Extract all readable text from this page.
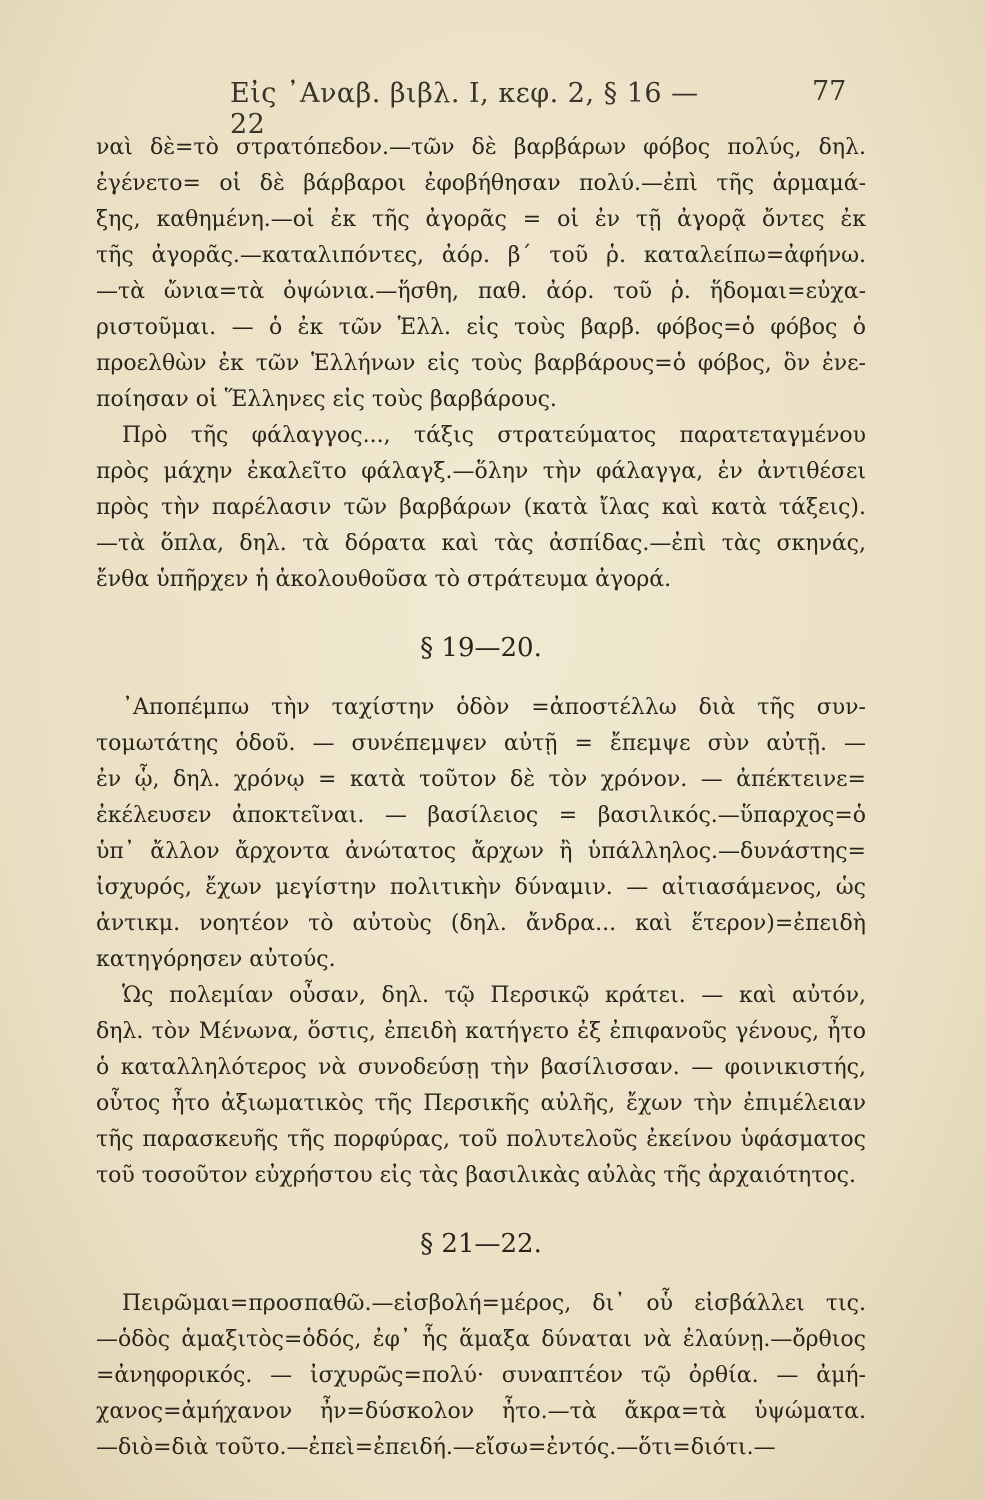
Εἰς ᾿Αναβ. βιβλ. Ι, κεφ. 2, § 16 — 22
77
ναὶ δὲ=τὸ στρατόπεδον.—τῶν δὲ βαρβάρων φόβος πολύς, δηλ.
ἐγένετο= οἱ δὲ βάρβαροι ἐφοβήθησαν πολύ.—ἐπὶ τῆς ἁρμαμά-
ξης, καθημένη.—οἱ ἐκ τῆς ἀγορᾶς = οἱ ἐν τῇ ἀγορᾷ ὄντες ἐκ
τῆς ἀγορᾶς.—καταλιπόντες, ἀόρ. β΄ τοῦ ῥ. καταλείπω=ἀφήνω.
—τὰ ὤνια=τὰ ὀψώνια.—ἥσθη, παθ. ἀόρ. τοῦ ῥ. ἥδομαι=εὐχα-
ριστοῦμαι. — ὁ ἐκ τῶν Ἑλλ. εἰς τοὺς βαρβ. φόβος=ὁ φόβος ὁ
προελθὼν ἐκ τῶν Ἑλλήνων εἰς τοὺς βαρβάρους=ὁ φόβος, ὃν ἐνε-
ποίησαν οἱ Ἕλληνες εἰς τοὺς βαρβάρους.
Πρὸ τῆς φάλαγγος..., τάξις στρατεύματος παρατεταγμένου
πρὸς μάχην ἐκαλεῖτο φάλαγξ.—ὅλην τὴν φάλαγγα, ἐν ἀντιθέσει
πρὸς τὴν παρέλασιν τῶν βαρβάρων (κατὰ ἴλας καὶ κατὰ τάξεις).
—τὰ ὅπλα, δηλ. τὰ δόρατα καὶ τὰς ἀσπίδας.—ἐπὶ τὰς σκηνάς,
ἔνθα ὑπῆρχεν ἡ ἀκολουθοῦσα τὸ στράτευμα ἀγορά.
§ 19—20.
᾿Αποπέμπω τὴν ταχίστην ὁδὸν =ἀποστέλλω διὰ τῆς συν-
τομωτάτης ὁδοῦ. — συνέπεμψεν αὐτῇ = ἔπεμψε σὺν αὐτῇ. —
ἐν ᾧ, δηλ. χρόνῳ = κατὰ τοῦτον δὲ τὸν χρόνον. — ἀπέκτεινε=
ἐκέλευσεν ἀποκτεῖναι. — βασίλειος = βασιλικός.—ὕπαρχος=ὁ
ὑπ᾿ ἄλλον ἄρχοντα ἀνώτατος ἄρχων ἢ ὑπάλληλος.—δυνάστης=
ἰσχυρός, ἔχων μεγίστην πολιτικὴν δύναμιν. — αἰτιασάμενος, ὡς
ἀντικμ. νοητέον τὸ αὐτοὺς (δηλ. ἄνδρα... καὶ ἕτερον)=ἐπειδὴ
κατηγόρησεν αὐτούς.
Ὡς πολεμίαν οὖσαν, δηλ. τῷ Περσικῷ κράτει. — καὶ αὐτόν,
δηλ. τὸν Μένωνα, ὅστις, ἐπειδὴ κατήγετο ἐξ ἐπιφανοῦς γένους, ἦτο
ὁ καταλληλότερος νὰ συνοδεύσῃ τὴν βασίλισσαν. — φοινικιστής,
οὗτος ἦτο ἀξιωματικὸς τῆς Περσικῆς αὐλῆς, ἔχων τὴν ἐπιμέλειαν
τῆς παρασκευῆς τῆς πορφύρας, τοῦ πολυτελοῦς ἐκείνου ὑφάσματος
τοῦ τοσοῦτον εὐχρήστου εἰς τὰς βασιλικὰς αὐλὰς τῆς ἀρχαιότητος.
§ 21—22.
Πειρῶμαι=προσπαθῶ.—εἰσβολή=μέρος, δι᾿ οὗ εἰσβάλλει τις.
—ὁδὸς ἁμαξιτὸς=ὁδός, ἐφ᾿ ἧς ἅμαξα δύναται νὰ ἐλαύνῃ.—ὄρθιος
=ἀνηφορικός. — ἰσχυρῶς=πολύ· συναπτέον τῷ ὀρθία. — ἀμή-
χανος=ἀμήχανον ἦν=δύσκολον ἦτο.—τὰ ἄκρα=τὰ ὑψώματα.
—διὸ=διὰ τοῦτο.—ἐπεὶ=ἐπειδή.—εἴσω=ἐντός.—ὅτι=διότι.—
